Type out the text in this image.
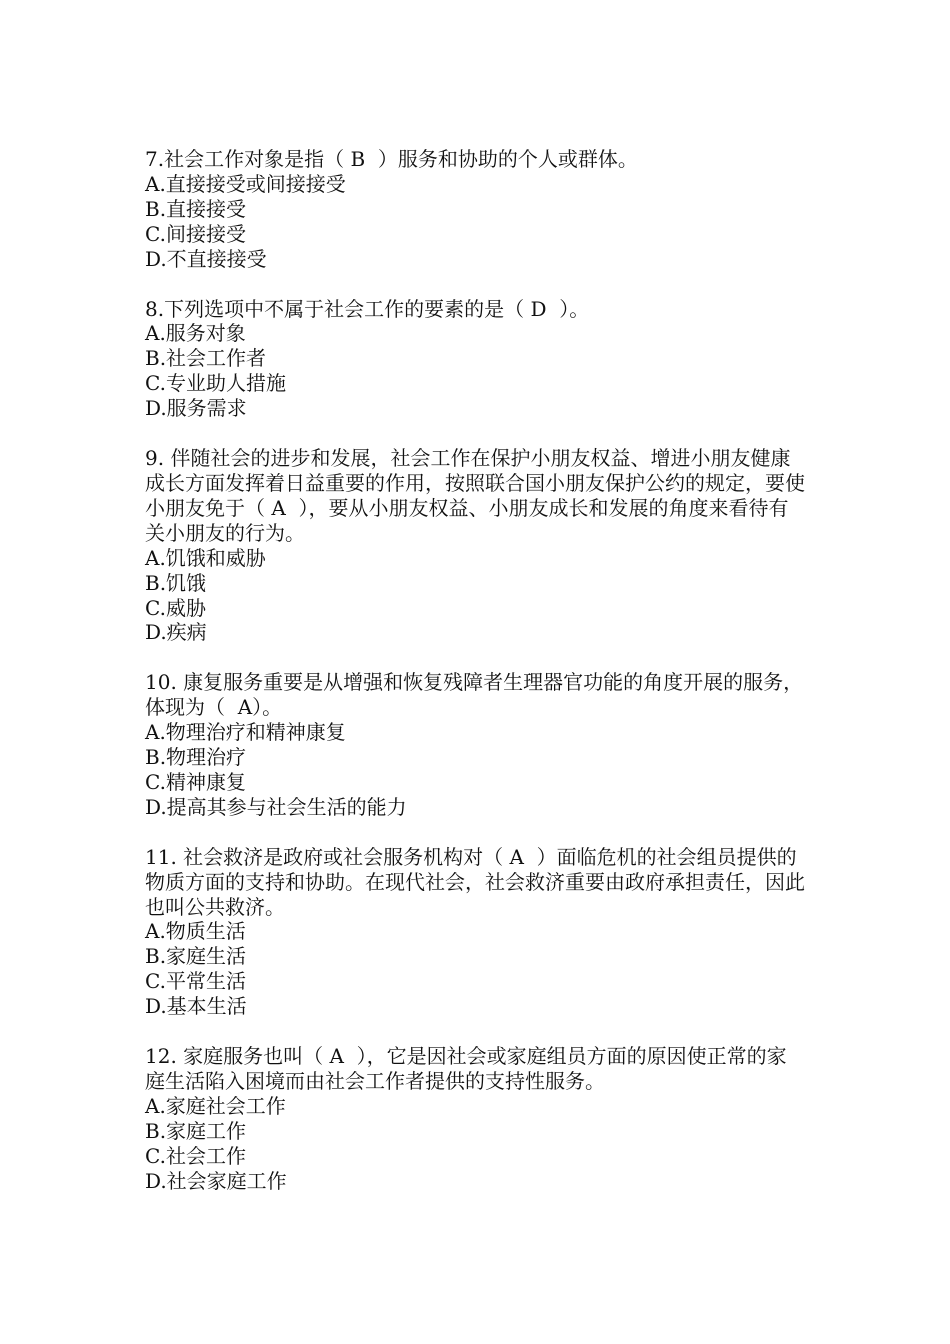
7.社会工作对象是指（ B  ）服务和协助的个人或群体。

A.直接接受或间接接受
B.直接接受
C.间接接受
D.不直接接受

8.下列选项中不属于社会工作的要素的是（ D  ）。

A.服务对象
B.社会工作者
C.专业助人措施
D.服务需求

9. 伴随社会的进步和发展，社会工作在保护小朋友权益、增进小朋友健康成长方面发挥着日益重要的作用，按照联合国小朋友保护公约的规定，要使小朋友免于（ A  ），要从小朋友权益、小朋友成长和发展的角度来看待有关小朋友的行为。

A.饥饿和威胁
B.饥饿
C.威胁
D.疾病

10. 康复服务重要是从增强和恢复残障者生理器官功能的角度开展的服务，体现为（  A）。

A.物理治疗和精神康复
B.物理治疗
C.精神康复
D.提高其参与社会生活的能力

11. 社会救济是政府或社会服务机构对（ A  ）面临危机的社会组员提供的物质方面的支持和协助。在现代社会，社会救济重要由政府承担责任，因此也叫公共救济。

A.物质生活
B.家庭生活
C.平常生活
D.基本生活

12. 家庭服务也叫（ A  ），它是因社会或家庭组员方面的原因使正常的家庭生活陷入困境而由社会工作者提供的支持性服务。

A.家庭社会工作
B.家庭工作
C.社会工作
D.社会家庭工作
